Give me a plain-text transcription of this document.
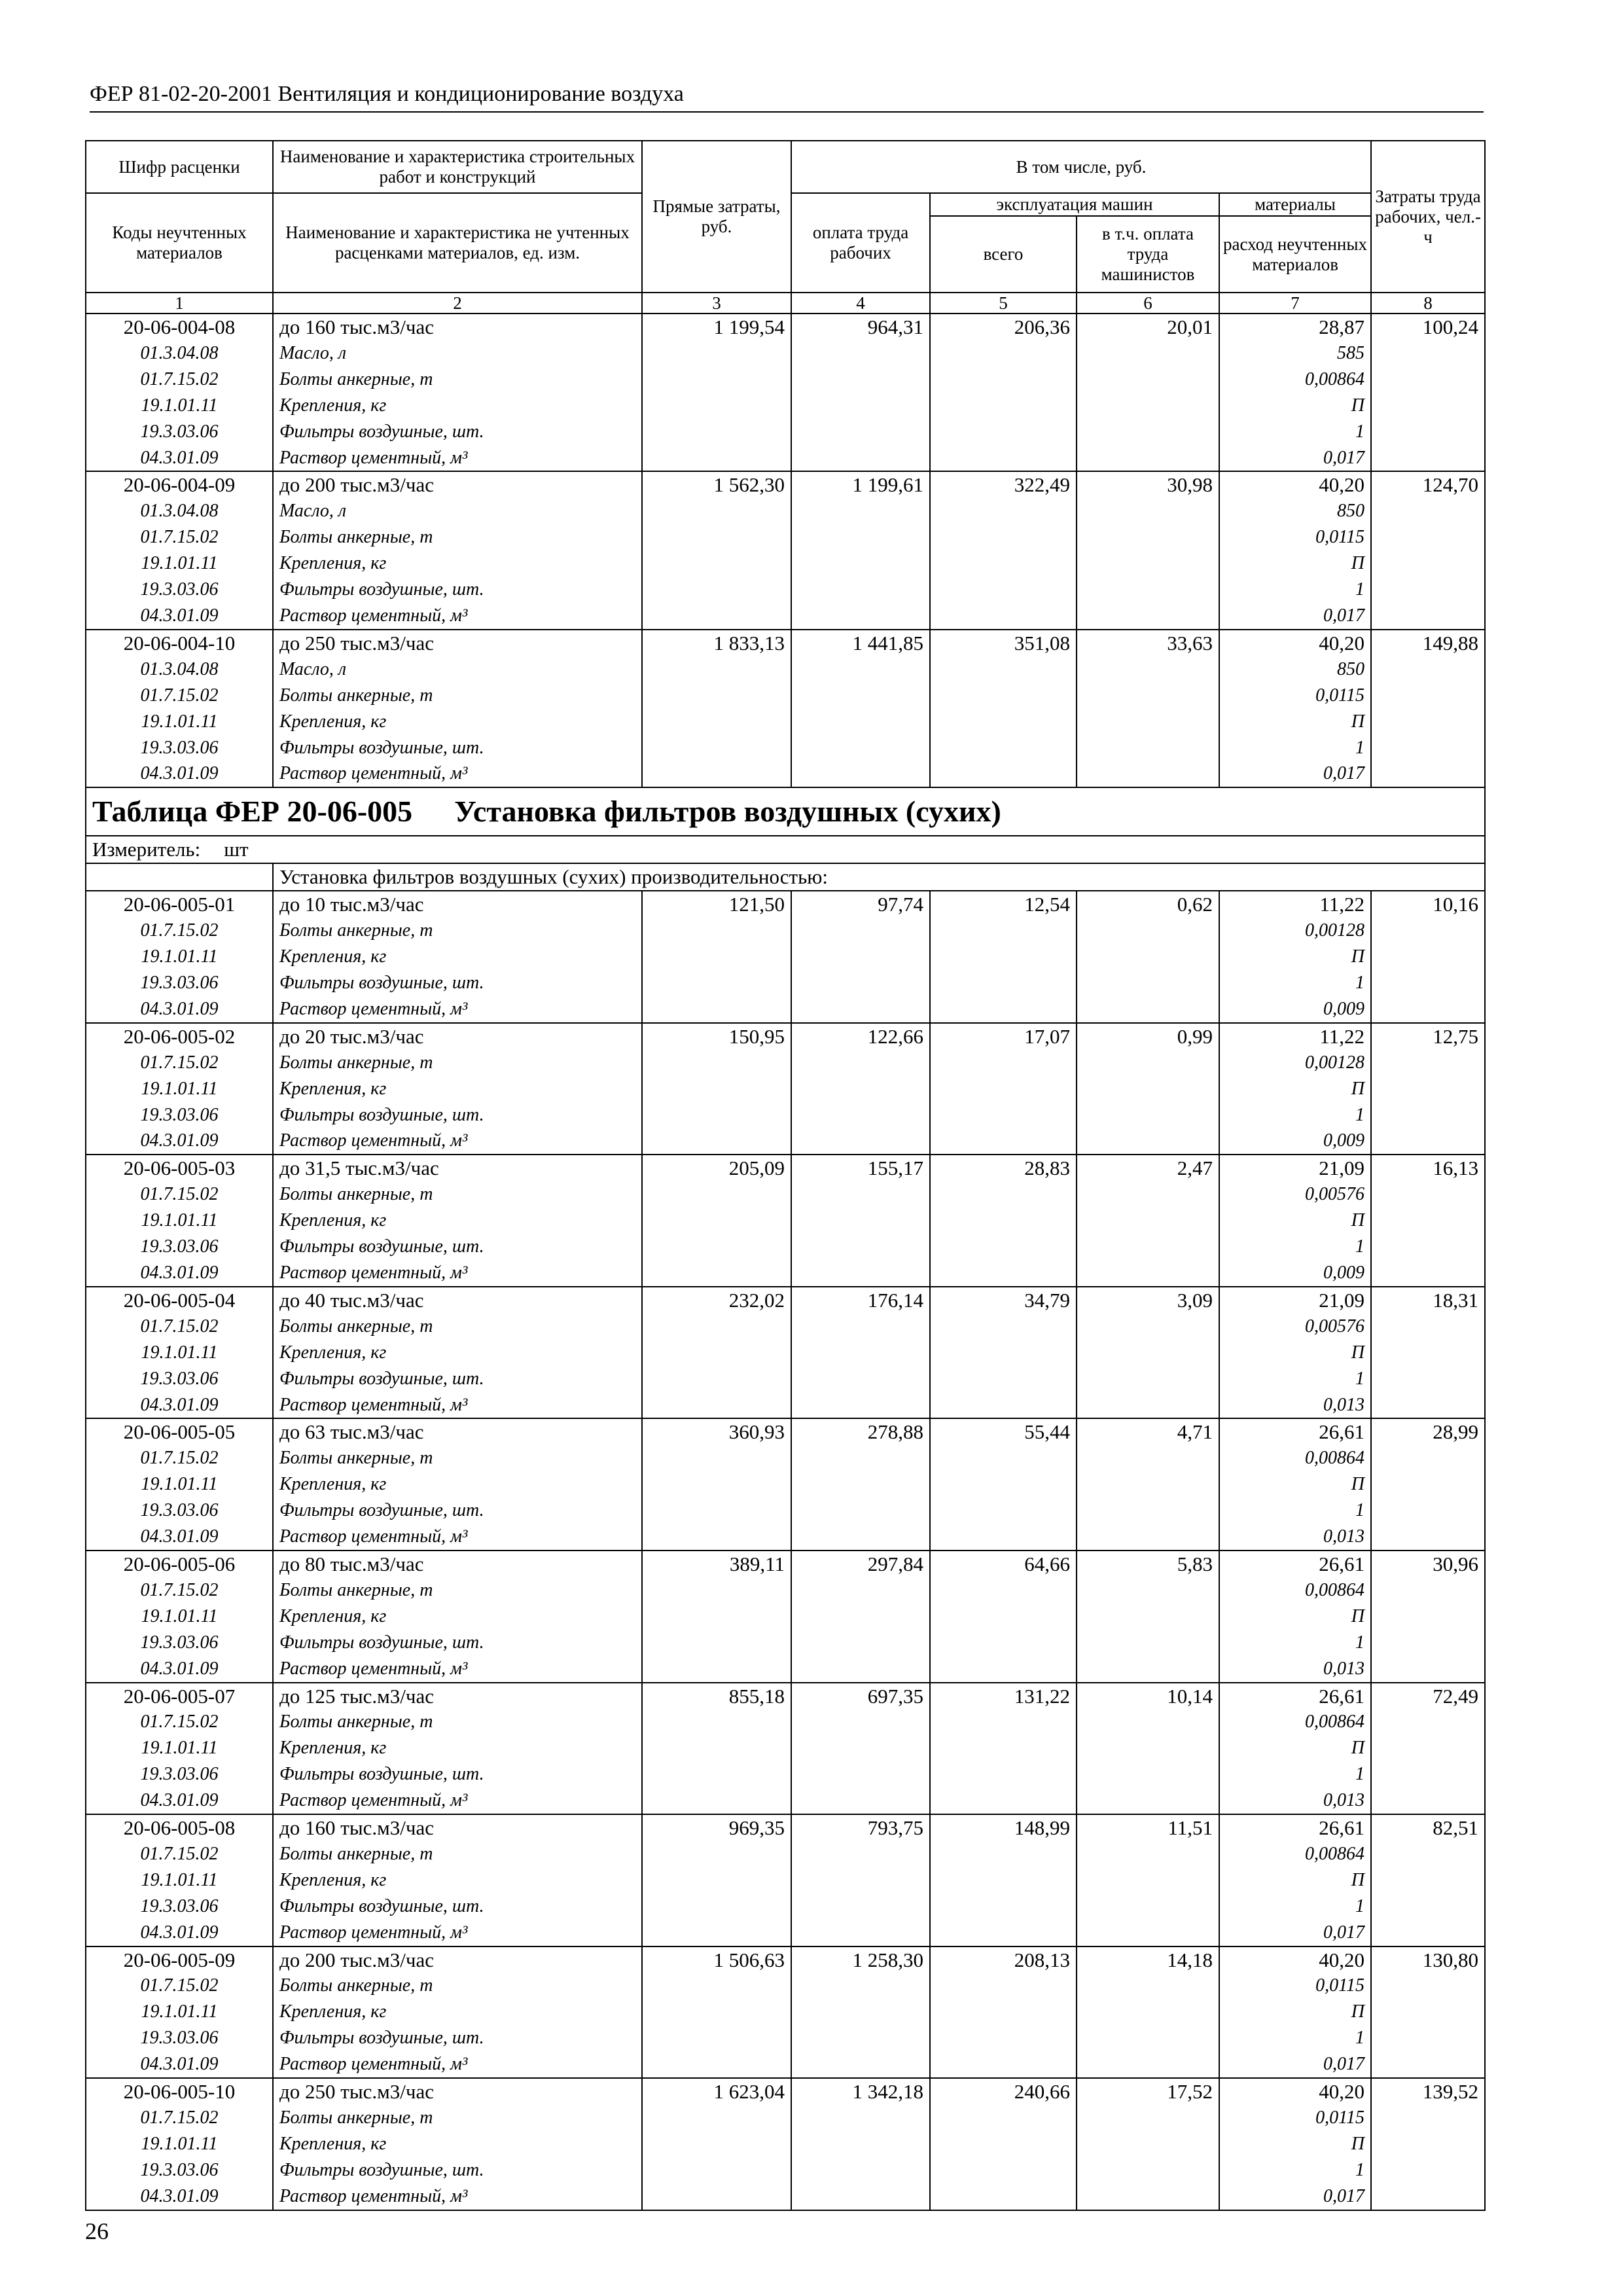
ФЕР 81-02-20-2001 Вентиляция и кондиционирование воздуха
Шифр расценки	Наименование и характеристика строительных работ и конструкций	Прямые затраты, руб.	В том числе, руб.				Затраты труда рабочих, чел.-ч
Коды неучтенных материалов	Наименование и характеристика не учтенных расценками материалов, ед. изм.		оплата труда рабочих	эксплуатация машин		материалы	
				всего	в т.ч. оплата труда машинистов	расход неучтенных материалов	
1	2	3	4	5	6	7	8
20-06-004-08	до 160 тыс.м3/час	1 199,54	964,31	206,36	20,01	28,87	100,24
01.3.04.08	Масло, л					585	
01.7.15.02	Болты анкерные, т					0,00864	
19.1.01.11	Крепления, кг					П	
19.3.03.06	Фильтры воздушные, шт.					1	
04.3.01.09	Раствор цементный, м³					0,017	
20-06-004-09	до 200 тыс.м3/час	1 562,30	1 199,61	322,49	30,98	40,20	124,70
01.3.04.08	Масло, л					850	
01.7.15.02	Болты анкерные, т					0,0115	
19.1.01.11	Крепления, кг					П	
19.3.03.06	Фильтры воздушные, шт.					1	
04.3.01.09	Раствор цементный, м³					0,017	
20-06-004-10	до 250 тыс.м3/час	1 833,13	1 441,85	351,08	33,63	40,20	149,88
01.3.04.08	Масло, л					850	
01.7.15.02	Болты анкерные, т					0,0115	
19.1.01.11	Крепления, кг					П	
19.3.03.06	Фильтры воздушные, шт.					1	
04.3.01.09	Раствор цементный, м³					0,017	
Таблица ФЕР 20-06-005 Установка фильтров воздушных (сухих)							
Измеритель: шт							
	Установка фильтров воздушных (сухих) производительностью:						
20-06-005-01	до 10 тыс.м3/час	121,50	97,74	12,54	0,62	11,22	10,16
01.7.15.02	Болты анкерные, т					0,00128	
19.1.01.11	Крепления, кг					П	
19.3.03.06	Фильтры воздушные, шт.					1	
04.3.01.09	Раствор цементный, м³					0,009	
20-06-005-02	до 20 тыс.м3/час	150,95	122,66	17,07	0,99	11,22	12,75
01.7.15.02	Болты анкерные, т					0,00128	
19.1.01.11	Крепления, кг					П	
19.3.03.06	Фильтры воздушные, шт.					1	
04.3.01.09	Раствор цементный, м³					0,009	
20-06-005-03	до 31,5 тыс.м3/час	205,09	155,17	28,83	2,47	21,09	16,13
01.7.15.02	Болты анкерные, т					0,00576	
19.1.01.11	Крепления, кг					П	
19.3.03.06	Фильтры воздушные, шт.					1	
04.3.01.09	Раствор цементный, м³					0,009	
20-06-005-04	до 40 тыс.м3/час	232,02	176,14	34,79	3,09	21,09	18,31
01.7.15.02	Болты анкерные, т					0,00576	
19.1.01.11	Крепления, кг					П	
19.3.03.06	Фильтры воздушные, шт.					1	
04.3.01.09	Раствор цементный, м³					0,013	
20-06-005-05	до 63 тыс.м3/час	360,93	278,88	55,44	4,71	26,61	28,99
01.7.15.02	Болты анкерные, т					0,00864	
19.1.01.11	Крепления, кг					П	
19.3.03.06	Фильтры воздушные, шт.					1	
04.3.01.09	Раствор цементный, м³					0,013	
20-06-005-06	до 80 тыс.м3/час	389,11	297,84	64,66	5,83	26,61	30,96
01.7.15.02	Болты анкерные, т					0,00864	
19.1.01.11	Крепления, кг					П	
19.3.03.06	Фильтры воздушные, шт.					1	
04.3.01.09	Раствор цементный, м³					0,013	
20-06-005-07	до 125 тыс.м3/час	855,18	697,35	131,22	10,14	26,61	72,49
01.7.15.02	Болты анкерные, т					0,00864	
19.1.01.11	Крепления, кг					П	
19.3.03.06	Фильтры воздушные, шт.					1	
04.3.01.09	Раствор цементный, м³					0,013	
20-06-005-08	до 160 тыс.м3/час	969,35	793,75	148,99	11,51	26,61	82,51
01.7.15.02	Болты анкерные, т					0,00864	
19.1.01.11	Крепления, кг					П	
19.3.03.06	Фильтры воздушные, шт.					1	
04.3.01.09	Раствор цементный, м³					0,017	
20-06-005-09	до 200 тыс.м3/час	1 506,63	1 258,30	208,13	14,18	40,20	130,80
01.7.15.02	Болты анкерные, т					0,0115	
19.1.01.11	Крепления, кг					П	
19.3.03.06	Фильтры воздушные, шт.					1	
04.3.01.09	Раствор цементный, м³					0,017	
20-06-005-10	до 250 тыс.м3/час	1 623,04	1 342,18	240,66	17,52	40,20	139,52
01.7.15.02	Болты анкерные, т					0,0115	
19.1.01.11	Крепления, кг					П	
19.3.03.06	Фильтры воздушные, шт.					1	
04.3.01.09	Раствор цементный, м³					0,017	
26
